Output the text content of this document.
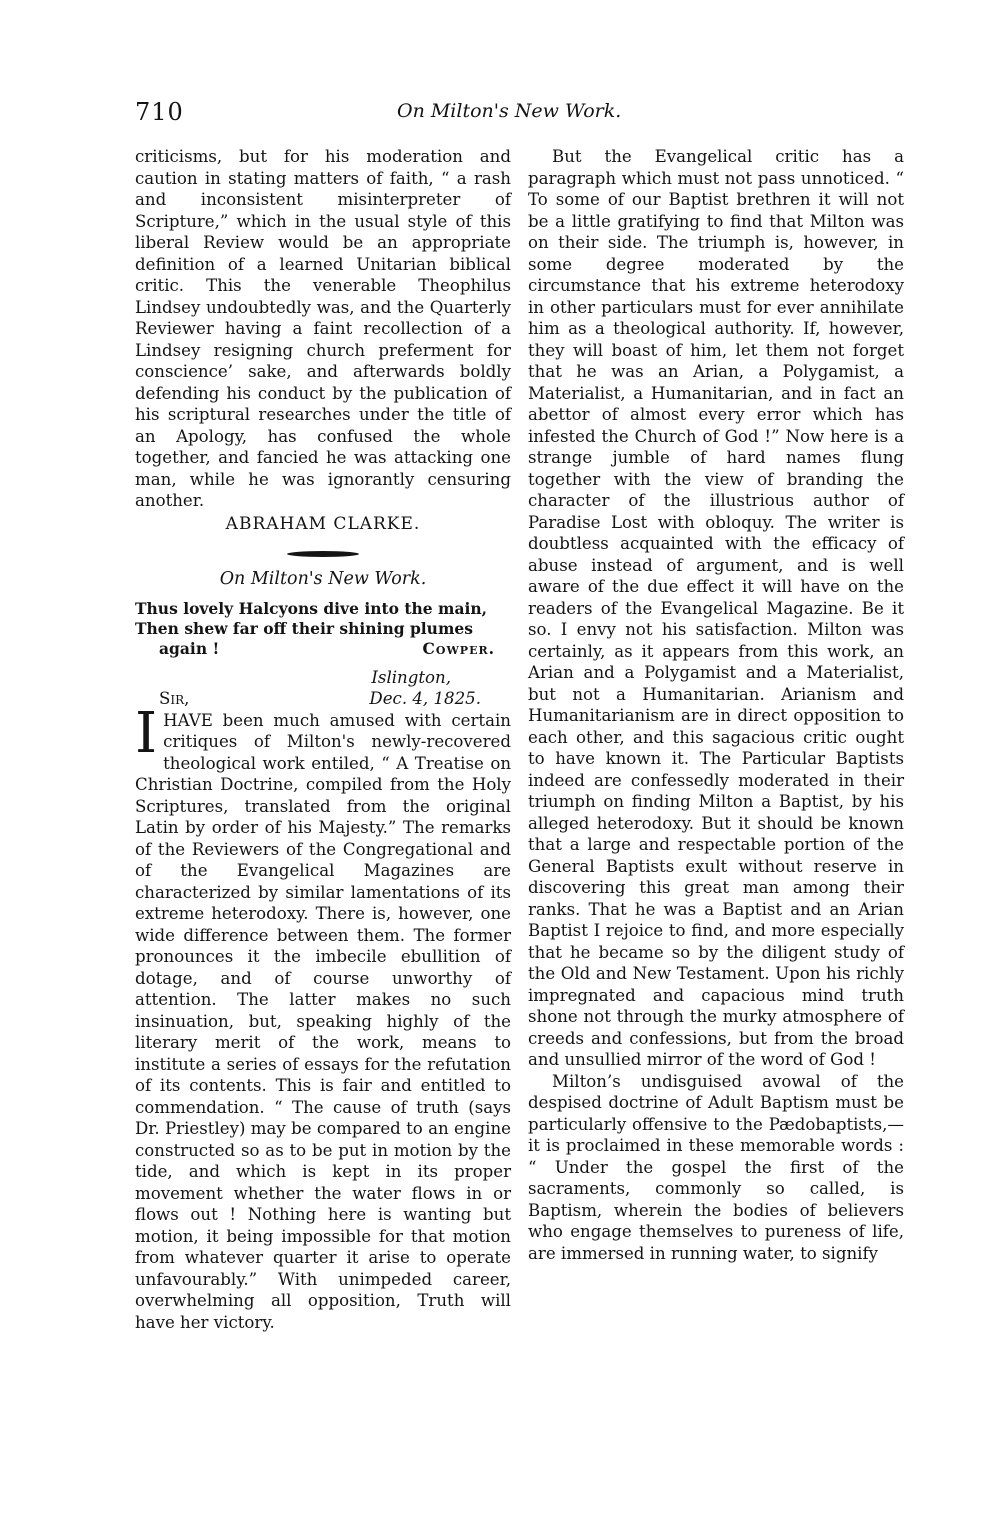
710	On Milton's New Work.

criticisms, but for his moderation and caution in stating matters of faith, “ a rash and inconsistent misinterpreter of Scripture,” which in the usual style of this liberal Review would be an appropriate definition of a learned Unitarian biblical critic. This the venerable Theophilus Lindsey undoubtedly was, and the Quarterly Reviewer having a faint recollection of a Lindsey resigning church preferment for conscience’ sake, and afterwards boldly defending his conduct by the publication of his scriptural researches under the title of an Apology, has confused the whole together, and fancied he was attacking one man, while he was ignorantly censuring another.

ABRAHAM CLARKE.

On Milton's New Work.

Thus lovely Halcyons dive into the main,
Then shew far off their shining plumes
again !	Cowper.
Islington,
Sir,	Dec. 4, 1825.

IHAVE been much amused with certain critiques of Milton's newly-recovered theological work entiled, “ A Treatise on Christian Doctrine, compiled from the Holy Scriptures, translated from the original Latin by order of his Majesty.” The remarks of the Reviewers of the Congregational and of the Evangelical Magazines are characterized by similar lamentations of its extreme heterodoxy. There is, however, one wide difference between them. The former pronounces it the imbecile ebullition of dotage, and of course unworthy of attention. The latter makes no such insinuation, but, speaking highly of the literary merit of the work, means to institute a series of essays for the refutation of its contents. This is fair and entitled to commendation. “ The cause of truth (says Dr. Priestley) may be compared to an engine constructed so as to be put in motion by the tide, and which is kept in its proper movement whether the water flows in or flows out ! Nothing here is wanting but motion, it being impossible for that motion from whatever quarter it arise to operate unfavourably.” With unimpeded career, overwhelming all opposition, Truth will have her victory.

But the Evangelical critic has a paragraph which must not pass unnoticed. “ To some of our Baptist brethren it will not be a little gratifying to find that Milton was on their side. The triumph is, however, in some degree moderated by the circumstance that his extreme heterodoxy in other particulars must for ever annihilate him as a theological authority. If, however, they will boast of him, let them not forget that he was an Arian, a Polygamist, a Materialist, a Humanitarian, and in fact an abettor of almost every error which has infested the Church of God !” Now here is a strange jumble of hard names flung together with the view of branding the character of the illustrious author of Paradise Lost with obloquy. The writer is doubtless acquainted with the efficacy of abuse instead of argument, and is well aware of the due effect it will have on the readers of the Evangelical Magazine. Be it so. I envy not his satisfaction. Milton was certainly, as it appears from this work, an Arian and a Polygamist and a Materialist, but not a Humanitarian. Arianism and Humanitarianism are in direct opposition to each other, and this sagacious critic ought to have known it. The Particular Baptists indeed are confessedly moderated in their triumph on finding Milton a Baptist, by his alleged heterodoxy. But it should be known that a large and respectable portion of the General Baptists exult without reserve in discovering this great man among their ranks. That he was a Baptist and an Arian Baptist I rejoice to find, and more especially that he became so by the diligent study of the Old and New Testament. Upon his richly impregnated and capacious mind truth shone not through the murky atmosphere of creeds and confessions, but from the broad and unsullied mirror of the word of God !

Milton’s undisguised avowal of the despised doctrine of Adult Baptism must be particularly offensive to the Pædobaptists,—it is proclaimed in these memorable words : “ Under the gospel the first of the sacraments, commonly so called, is Baptism, wherein the bodies of believers who engage themselves to pureness of life, are immersed in running water, to signify
